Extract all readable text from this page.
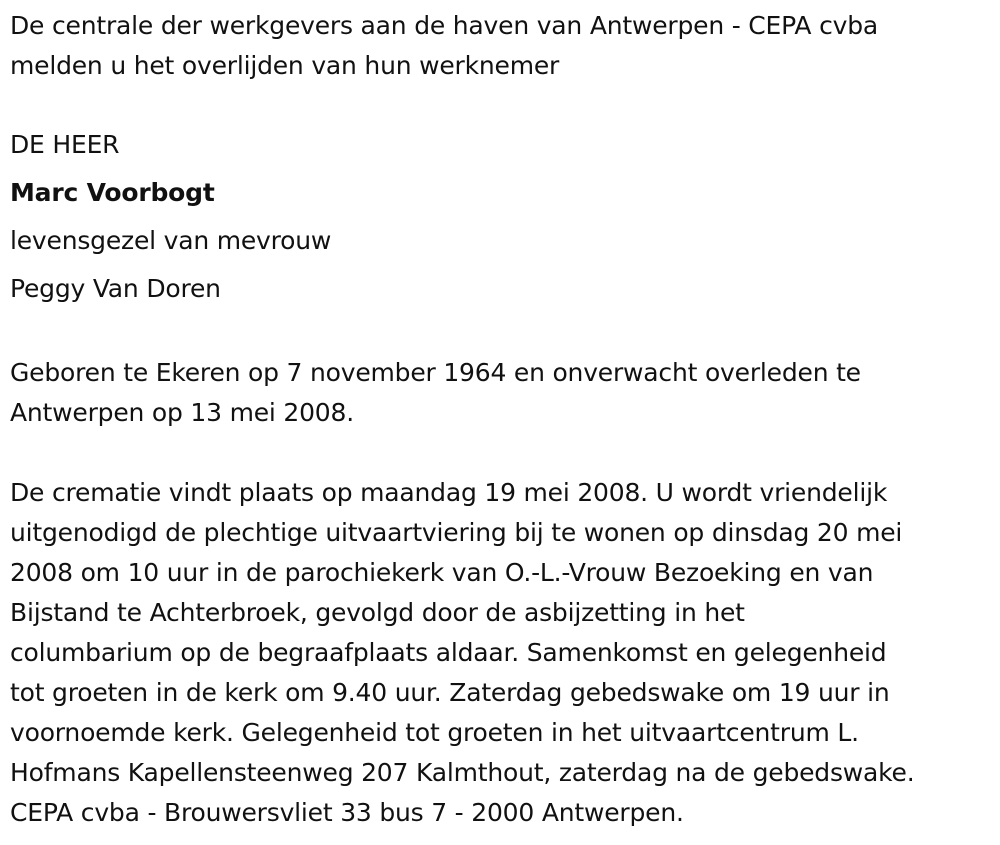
De centrale der werkgevers aan de haven van Antwerpen - CEPA cvba
melden u het overlijden van hun werknemer
DE HEER
Marc Voorbogt
levensgezel van mevrouw
Peggy Van Doren
Geboren te Ekeren op 7 november 1964 en onverwacht overleden te
Antwerpen op 13 mei 2008.
De crematie vindt plaats op maandag 19 mei 2008. U wordt vriendelijk
uitgenodigd de plechtige uitvaartviering bij te wonen op dinsdag 20 mei
2008 om 10 uur in de parochiekerk van O.-L.-Vrouw Bezoeking en van
Bijstand te Achterbroek, gevolgd door de asbijzetting in het
columbarium op de begraafplaats aldaar. Samenkomst en gelegenheid
tot groeten in de kerk om 9.40 uur. Zaterdag gebedswake om 19 uur in
voornoemde kerk. Gelegenheid tot groeten in het uitvaartcentrum L.
Hofmans Kapellensteenweg 207 Kalmthout, zaterdag na de gebedswake.
CEPA cvba - Brouwersvliet 33 bus 7 - 2000 Antwerpen.
